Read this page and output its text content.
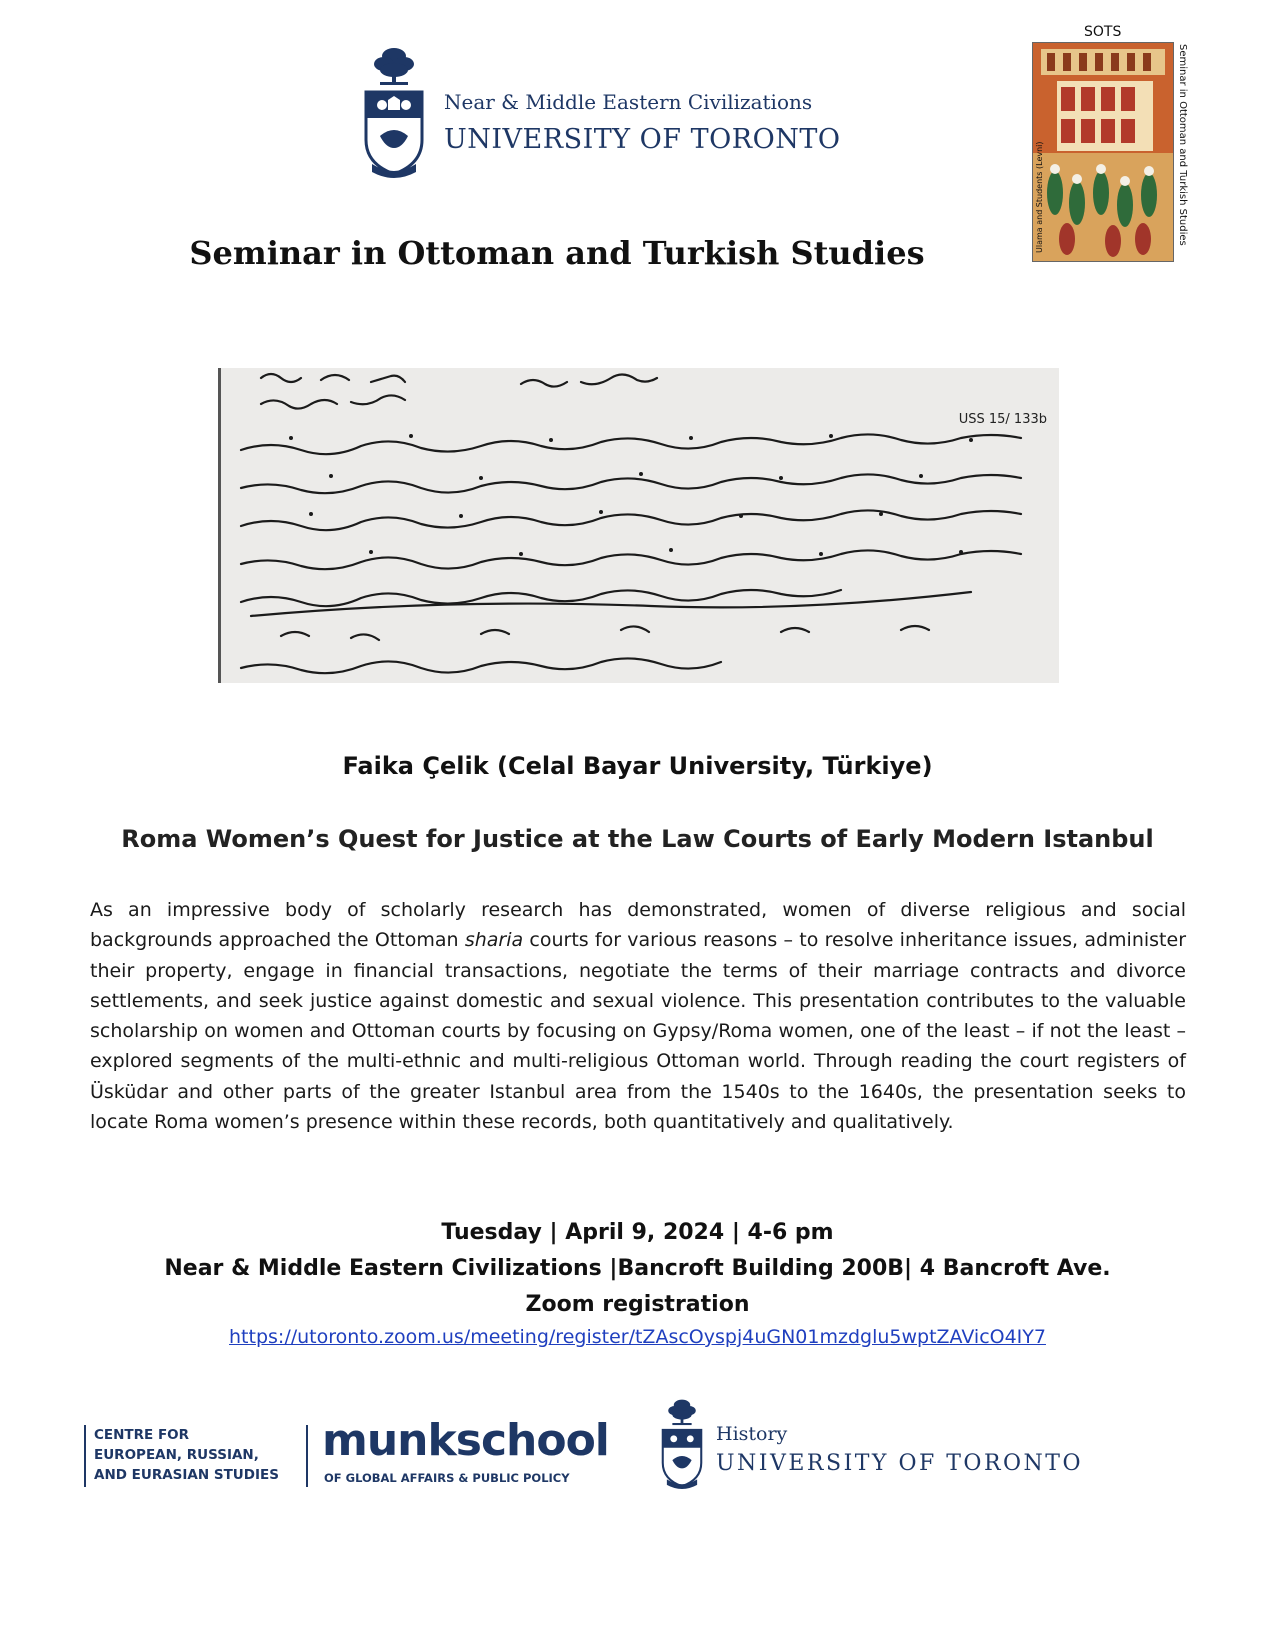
Near & Middle Eastern Civilizations
UNIVERSITY OF TORONTO
SOTS
Ulama and Students (Levni)	Seminar in Ottoman and Turkish Studies
Seminar in Ottoman and Turkish Studies
USS 15/ 133b
Faika Çelik (Celal Bayar University, Türkiye)
Roma Women’s Quest for Justice at the Law Courts of Early Modern Istanbul
As an impressive body of scholarly research has demonstrated, women of diverse religious and social backgrounds approached the Ottoman sharia courts for various reasons – to resolve inheritance issues, administer their property, engage in financial transactions, negotiate the terms of their marriage contracts and divorce settlements, and seek justice against domestic and sexual violence. This presentation contributes to the valuable scholarship on women and Ottoman courts by focusing on Gypsy/Roma women, one of the least – if not the least – explored segments of the multi-ethnic and multi-religious Ottoman world. Through reading the court registers of Üsküdar and other parts of the greater Istanbul area from the 1540s to the 1640s, the presentation seeks to locate Roma women’s presence within these records, both quantitatively and qualitatively.
Tuesday | April 9, 2024 | 4-6 pm
Near & Middle Eastern Civilizations |Bancroft Building 200B| 4 Bancroft Ave.
Zoom registration
https://utoronto.zoom.us/meeting/register/tZAscOyspj4uGN01mzdglu5wptZAVicO4IY7
CENTRE FOR
EUROPEAN, RUSSIAN,
AND EURASIAN STUDIES
munkschool
OF GLOBAL AFFAIRS & PUBLIC POLICY
History
UNIVERSITY OF TORONTO
